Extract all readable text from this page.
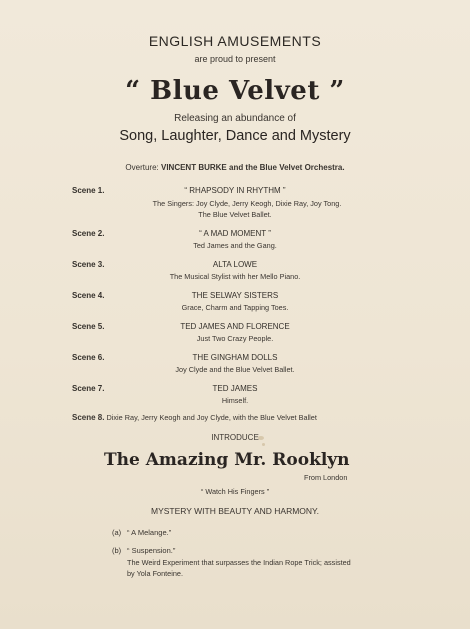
ENGLISH AMUSEMENTS
are proud to present
“ Blue Velvet ”
Releasing an abundance of
Song, Laughter, Dance and Mystery
Overture: VINCENT BURKE and the Blue Velvet Orchestra.
Scene 1.	“ RHAPSODY IN RHYTHM ”
The Singers: Joy Clyde, Jerry Keogh, Dixie Ray, Joy Tong.
The Blue Velvet Ballet.
Scene 2.	“ A MAD MOMENT ”
Ted James and the Gang.
Scene 3.	ALTA LOWE
The Musical Stylist with her Mello Piano.
Scene 4.	THE SELWAY SISTERS
Grace, Charm and Tapping Toes.
Scene 5.	TED JAMES AND FLORENCE
Just Two Crazy People.
Scene 6.	THE GINGHAM DOLLS
Joy Clyde and the Blue Velvet Ballet.
Scene 7.	TED JAMES
Himself.
Scene 8. Dixie Ray, Jerry Keogh and Joy Clyde, with the Blue Velvet Ballet
INTRODUCE
The Amazing Mr. Rooklyn
From London
“ Watch His Fingers ”
MYSTERY WITH BEAUTY AND HARMONY.
(a) “ A Melange.”
(b) “ Suspension.”
The Weird Experiment that surpasses the Indian Rope Trick; assisted
by Yola Fonteine.
